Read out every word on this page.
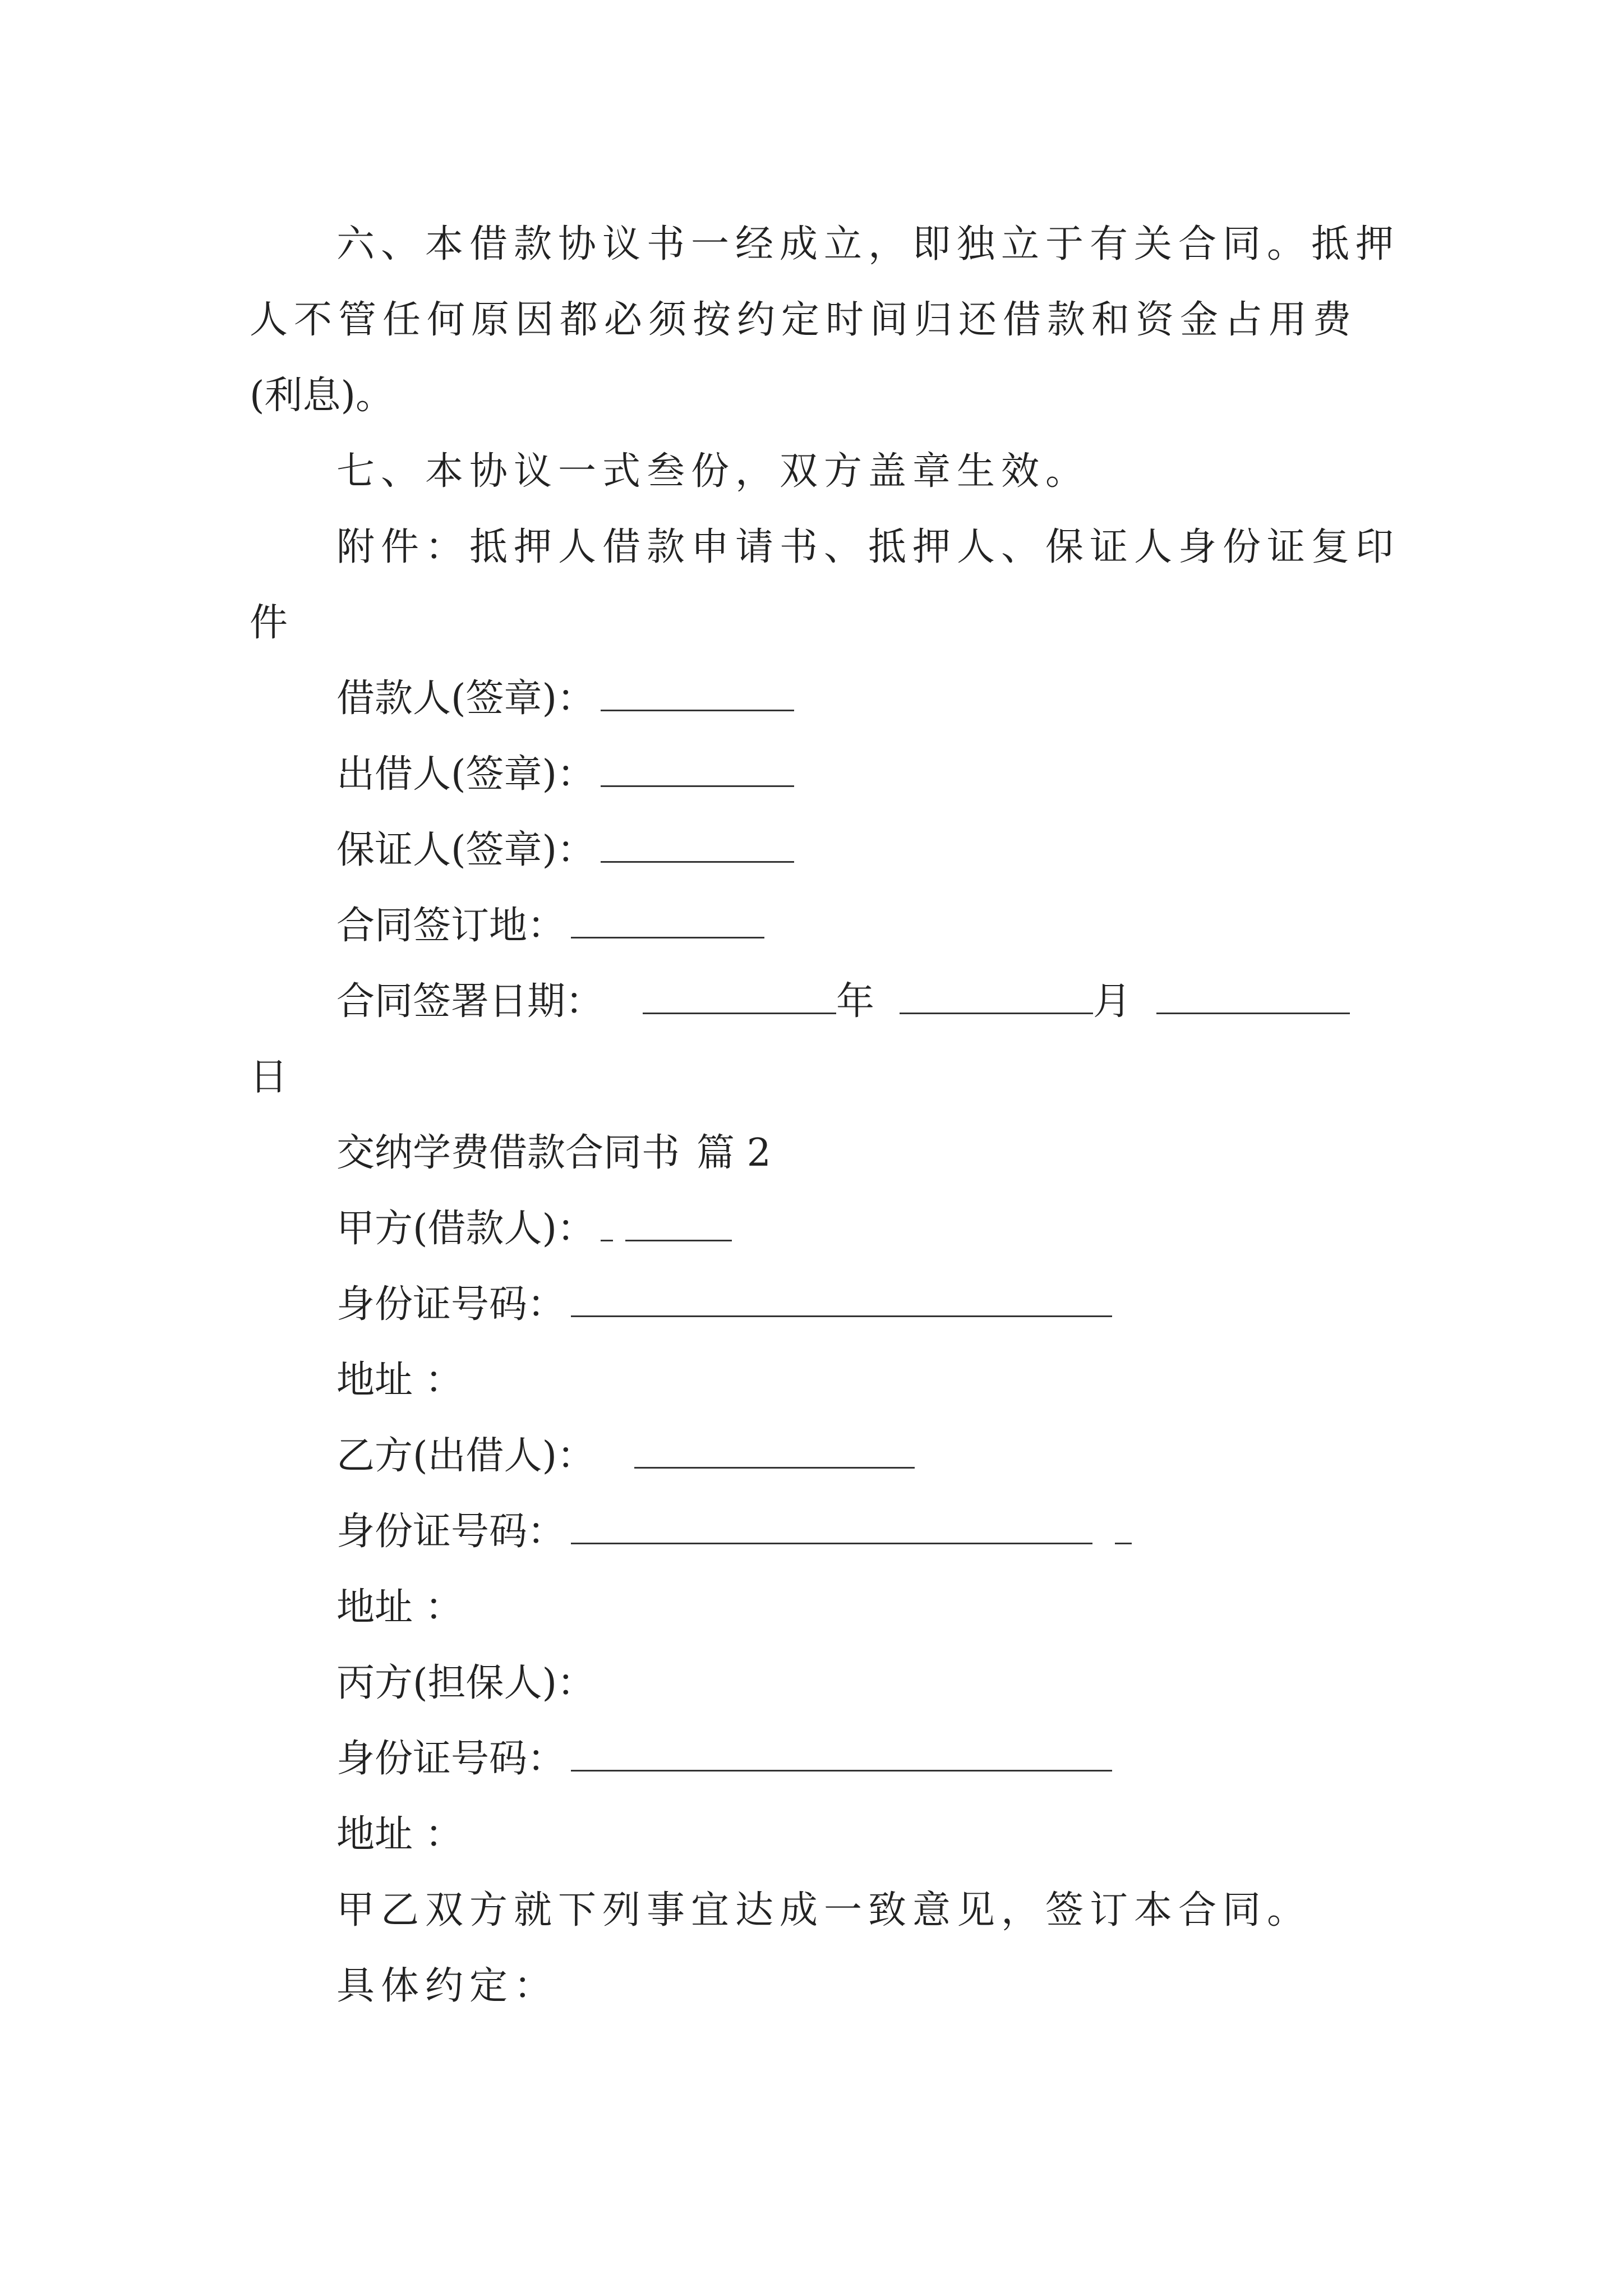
六、本借款协议书一经成立，即独立于有关合同。抵押
人不管任何原因都必须按约定时间归还借款和资金占用费
(利息)。
七、本协议一式叁份，双方盖章生效。
附件：抵押人借款申请书、抵押人、保证人身份证复印
件
借款人(签章)：
出借人(签章)：
保证人(签章)：
合同签订地：
合同签署日期：	年	月
日
交纳学费借款合同书 篇 2
甲方(借款人)：
身份证号码：
地址 ：
乙方(出借人)：
身份证号码：
地址 ：
丙方(担保人)：
身份证号码：
地址 ：
甲乙双方就下列事宜达成一致意见，签订本合同。
具体约定：
